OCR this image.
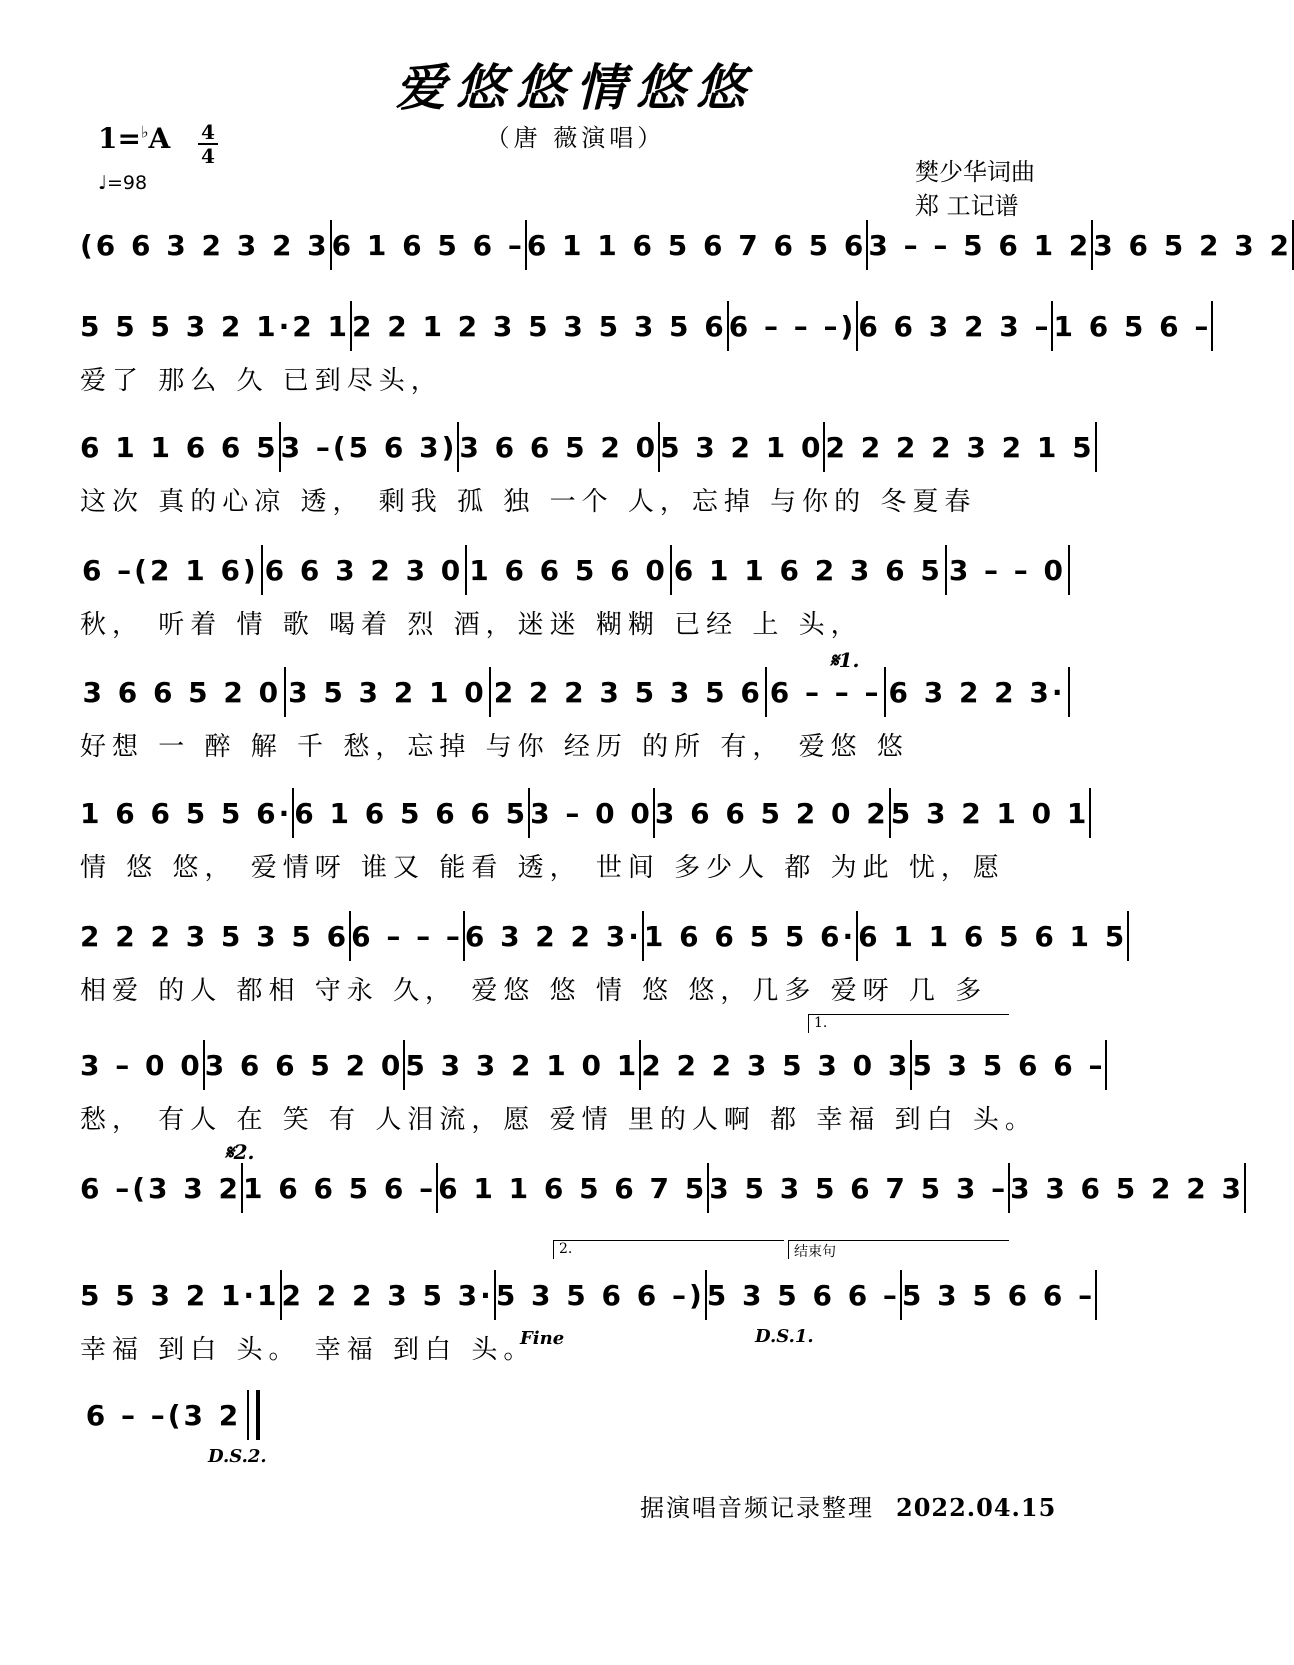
爱悠悠情悠悠
（唐 薇演唱）
1=♭A 4
4
♩=98	樊少华词曲
郑 工记谱
(6 6 3 2 3 2 3 6 1 6 5 6 – 6 1 1 6 5 6 7 6 5 6 3 – – 5 6 1 2 3 6 5 2 3 2
5 5 5 3 2 1·2 1 2 2 1 2 3 5 3 5 3 5 6 6 – – –) 6 6 3 2 3 – 1 6 5 6 –
爱了 那么 久 已到尽头，
6 1 1 6 6 5 3 –(5 6 3) 3 6 6 5 2 0 5 3 2 1 0 2 2 2 2 3 2 1 5
这次 真的心凉 透， 剩我 孤 独 一个 人，忘掉 与你的 冬夏春
6 –(2 1 6) 6 6 3 2 3 0 1 6 6 5 6 0 6 1 1 6 2 3 6 5 3 – – 0
秋， 听着 情 歌 喝着 烈 酒，迷迷 糊糊 已经 上 头，
3 6 6 5 2 0 3 5 3 2 1 0 2 2 2 3 5 3 5 6 6 – – – 6 3 2 2 3·
好想 一 醉 解 千 愁，忘掉 与你 经历 的所 有， 爱悠 悠
1 6 6 5 5 6· 6 1 6 5 6 6 5 3 – 0 0 3 6 6 5 2 0 2 5 3 2 1 0 1
情 悠 悠， 爱情呀 谁又 能看 透， 世间 多少人 都 为此 忧，愿
2 2 2 3 5 3 5 6 6 – – – 6 3 2 2 3· 1 6 6 5 5 6· 6 1 1 6 5 6 1 5
相爱 的人 都相 守永 久， 爱悠 悠 情 悠 悠，几多 爱呀 几 多
3 – 0 0 3 6 6 5 2 0 5 3 3 2 1 0 1 2 2 2 3 5 3 0 3 5 3 5 6 6 –
愁， 有人 在 笑 有 人泪流，愿 爱情 里的人啊 都 幸福 到白 头。
6 –(3 3 2 1 6 6 5 6 – 6 1 1 6 5 6 7 5 3 5 3 5 6 7 5 3 – 3 3 6 5 2 2 3
5 5 3 2 1·1 2 2 2 3 5 3· 5 3 5 6 6 –) 5 3 5 6 6 – 5 3 5 6 6 –
幸福 到白 头。 幸福 到白 头。
6 – –(3 2
𝄋1.
𝄋2.
1.
2.	结束句
Fine	D.S.1.
D.S.2.
据演唱音频记录整理 2022.04.15
